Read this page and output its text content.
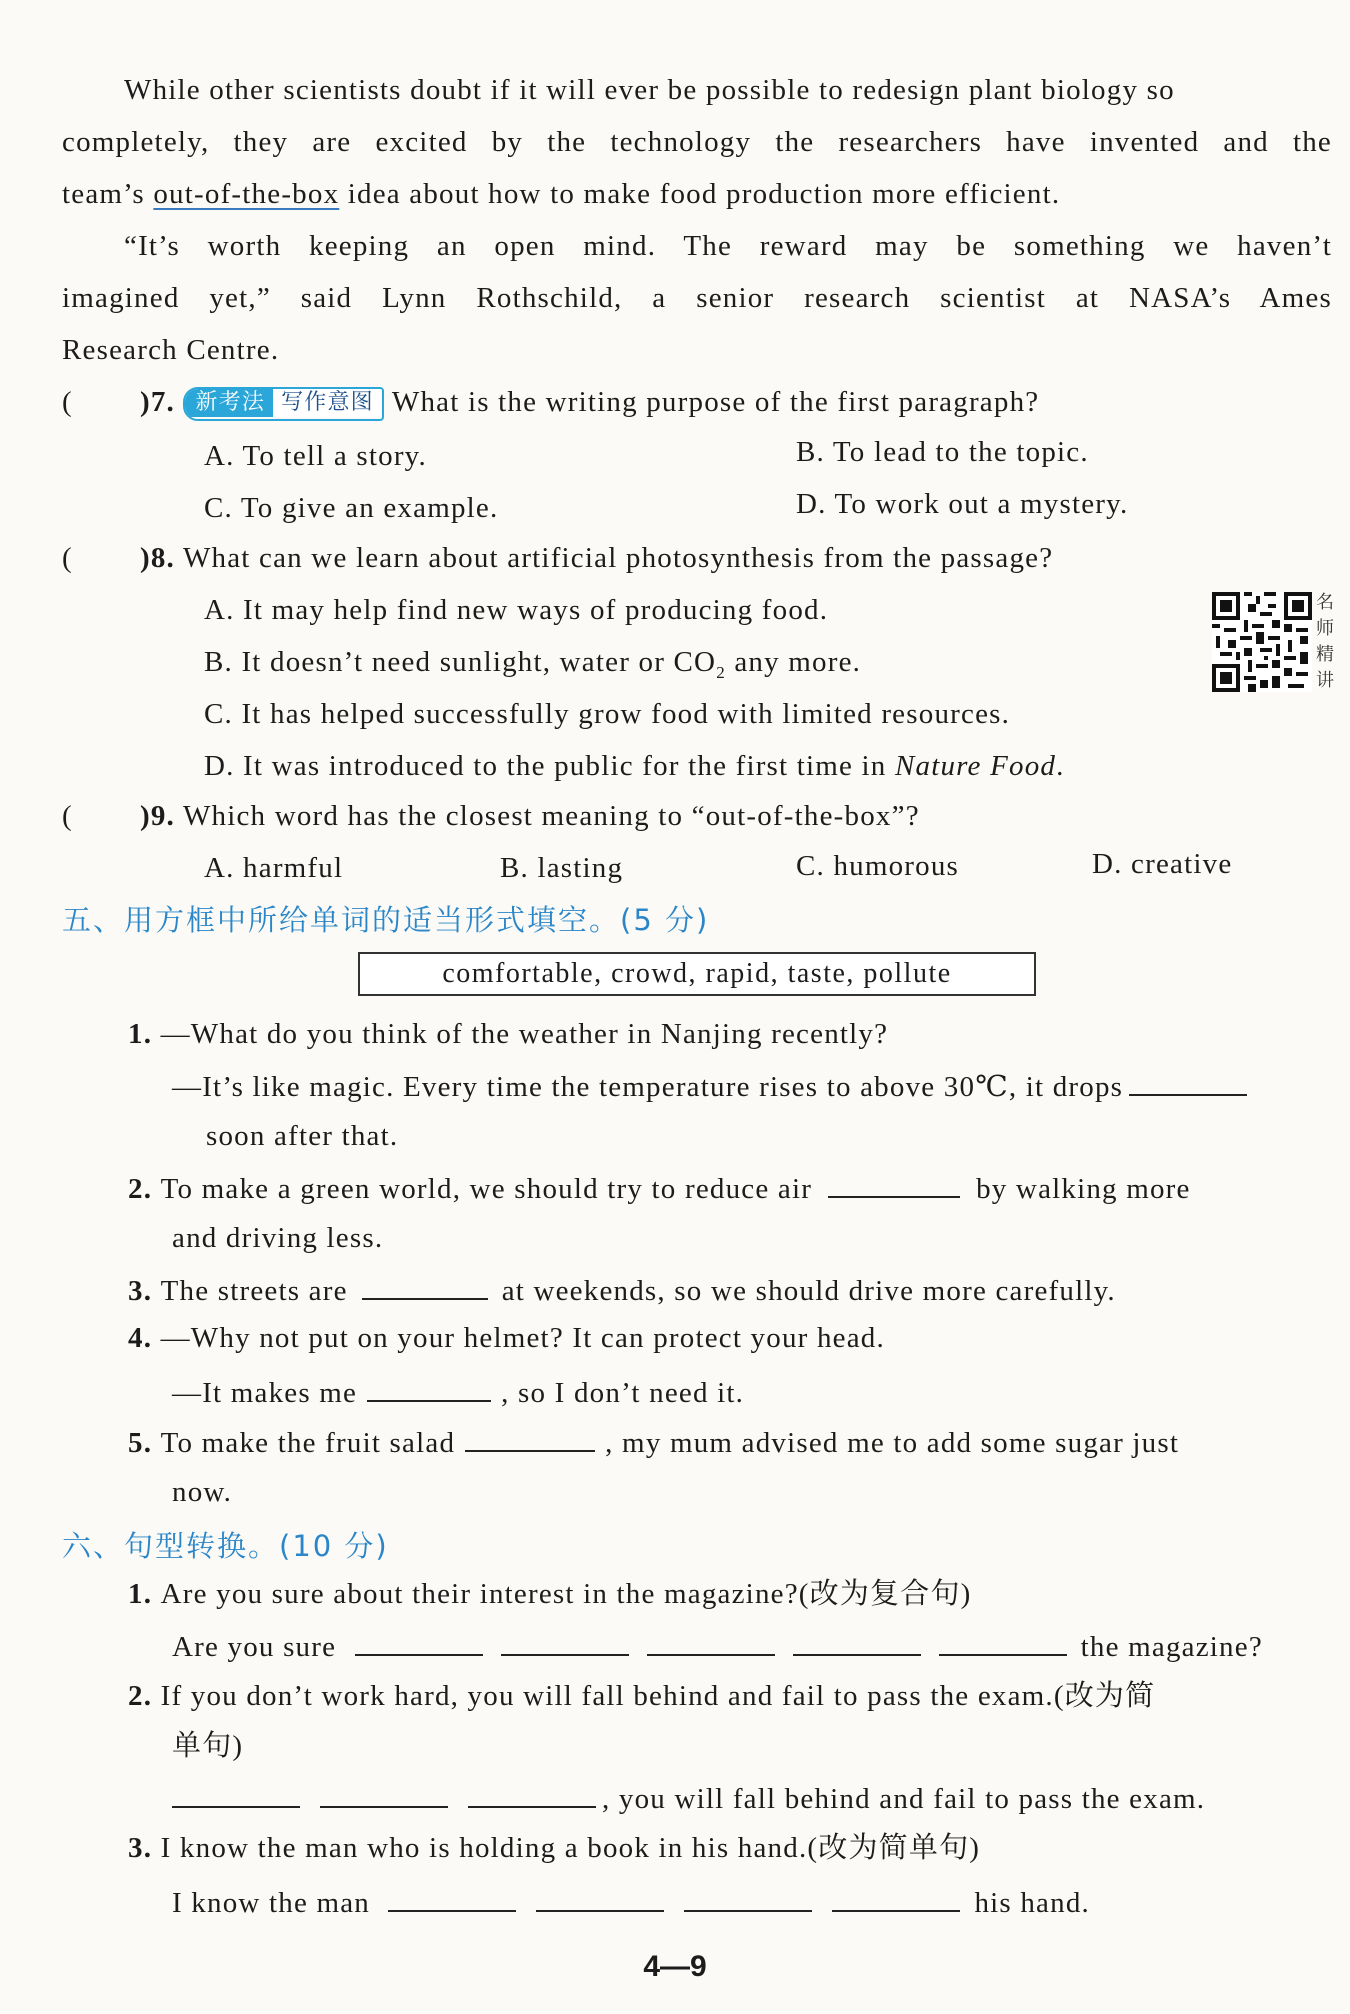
While other scientists doubt if it will ever be possible to redesign plant biology so
completely, they are excited by the technology the researchers have invented and the
team’s out-of-the-box idea about how to make food production more efficient.
“It’s worth keeping an open mind. The reward may be something we haven’t
imagined yet,” said Lynn Rothschild, a senior research scientist at NASA’s Ames
Research Centre.
( )7. 新考法 写作意图 What is the writing purpose of the first paragraph?
A. To tell a story.	B. To lead to the topic.
C. To give an example.	D. To work out a mystery.
( )8. What can we learn about artificial photosynthesis from the passage?
A. It may help find new ways of producing food.
B. It doesn’t need sunlight, water or $CO_2$ any more.
C. It has helped successfully grow food with limited resources.
D. It was introduced to the public for the first time in Nature Food.
名
师
精
讲
( )9. Which word has the closest meaning to “out-of-the-box”?
A. harmful	B. lasting	C. humorous	D. creative
五、用方框中所给单词的适当形式填空。(5 分)
comfortable, crowd, rapid, taste, pollute
1. —What do you think of the weather in Nanjing recently?
—It’s like magic. Every time the temperature rises to above 30℃, it drops
soon after that.
2. To make a green world, we should try to reduce air	by walking more
and driving less.
3. The streets are	at weekends, so we should drive more carefully.
4. —Why not put on your helmet? It can protect your head.
—It makes me	, so I don’t need it.
5. To make the fruit salad	, my mum advised me to add some sugar just
now.
六、句型转换。(10 分)
1. Are you sure about their interest in the magazine?(改为复合句)
Are you sure	the magazine?
2. If you don’t work hard, you will fall behind and fail to pass the exam.(改为简
单句)
, you will fall behind and fail to pass the exam.
3. I know the man who is holding a book in his hand.(改为简单句)
I know the man	his hand.
4—9
